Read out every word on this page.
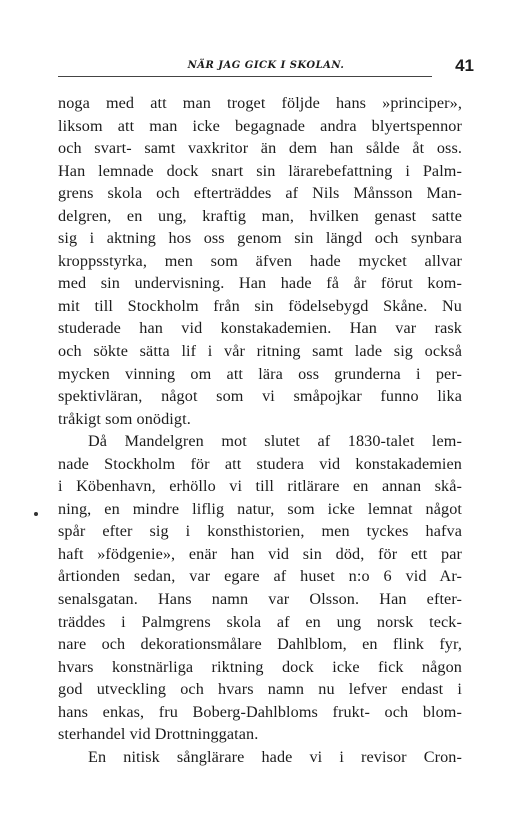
NÄR JAG GICK I SKOLAN.	41
noga med att man troget följde hans »principer»,
liksom att man icke begagnade andra blyertspennor
och svart- samt vaxkritor än dem han sålde åt oss.
Han lemnade dock snart sin lärarebefattning i Palm-
grens skola och efterträddes af Nils Månsson Man-
delgren, en ung, kraftig man, hvilken genast satte
sig i aktning hos oss genom sin längd och synbara
kroppsstyrka, men som äfven hade mycket allvar
med sin undervisning. Han hade få år förut kom-
mit till Stockholm från sin födelsebygd Skåne. Nu
studerade han vid konstakademien. Han var rask
och sökte sätta lif i vår ritning samt lade sig också
mycken vinning om att lära oss grunderna i per-
spektivläran, något som vi småpojkar funno lika
tråkigt som onödigt.
Då Mandelgren mot slutet af 1830-talet lem-
nade Stockholm för att studera vid konstakademien
i Köbenhavn, erhöllo vi till ritlärare en annan skå-
ning, en mindre liflig natur, som icke lemnat något
spår efter sig i konsthistorien, men tyckes hafva
haft »födgenie», enär han vid sin död, för ett par
årtionden sedan, var egare af huset n:o 6 vid Ar-
senalsgatan. Hans namn var Olsson. Han efter-
träddes i Palmgrens skola af en ung norsk teck-
nare och dekorationsmålare Dahlblom, en flink fyr,
hvars konstnärliga riktning dock icke fick någon
god utveckling och hvars namn nu lefver endast i
hans enkas, fru Boberg-Dahlbloms frukt- och blom-
sterhandel vid Drottninggatan.
En nitisk sånglärare hade vi i revisor Cron-
